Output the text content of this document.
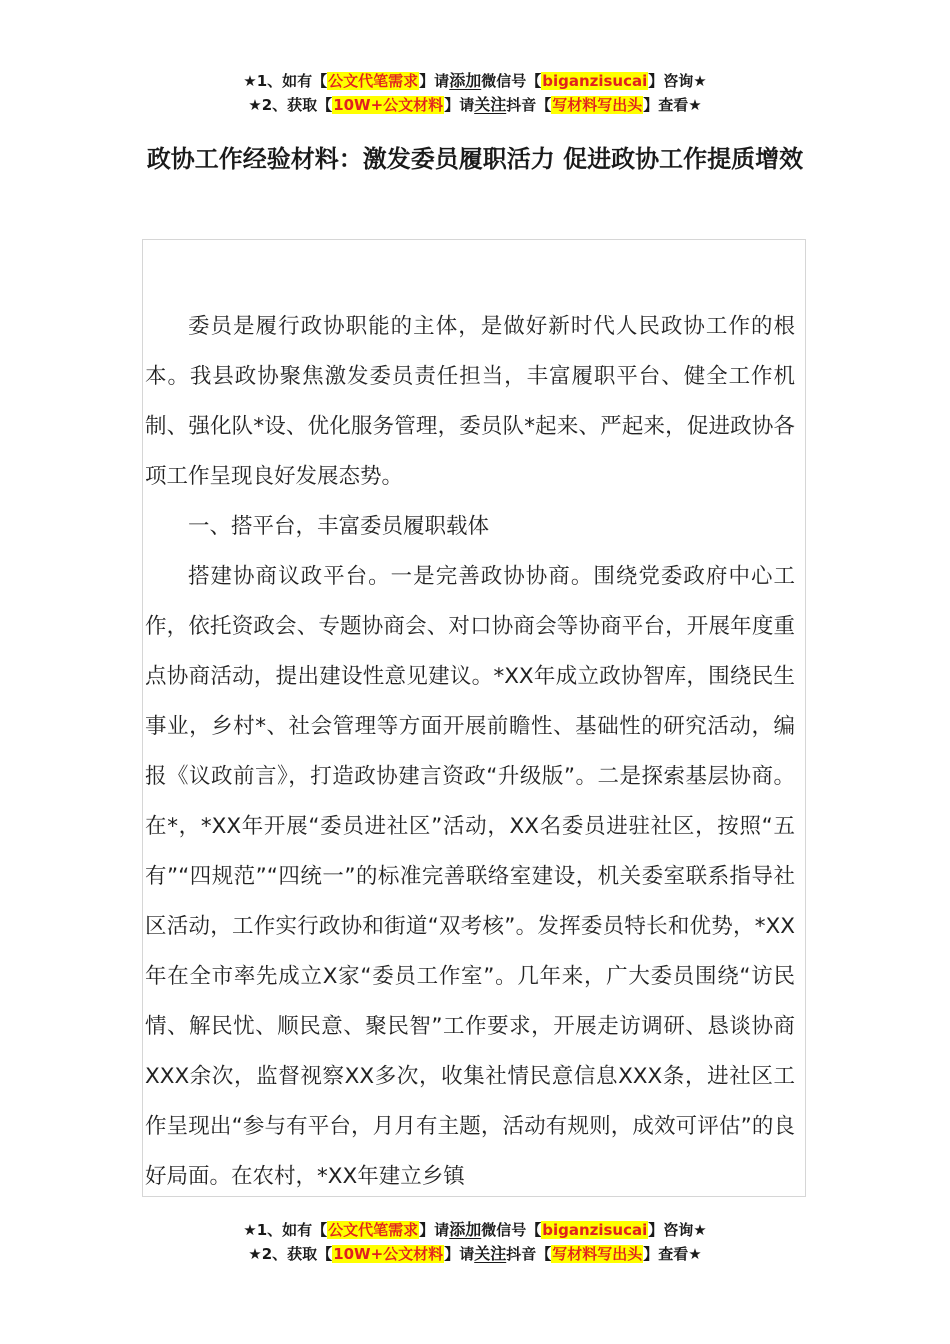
★1、如有【公文代笔需求】请添加微信号【biganzisucai】咨询★
★2、获取【10W+公文材料】请关注抖音【写材料写出头】查看★
政协工作经验材料：激发委员履职活力 促进政协工作提质增效

委员是履行政协职能的主体，是做好新时代人民政协工作的根本。我县政协聚焦激发委员责任担当，丰富履职平台、健全工作机制、强化队*设、优化服务管理，委员队*起来、严起来，促进政协各项工作呈现良好发展态势。

一、搭平台，丰富委员履职载体

搭建协商议政平台。一是完善政协协商。围绕党委政府中心工作，依托资政会、专题协商会、对口协商会等协商平台，开展年度重点协商活动，提出建设性意见建议。*XX年成立政协智库，围绕民生事业，乡村*、社会管理等方面开展前瞻性、基础性的研究活动，编报《议政前言》，打造政协建言资政“升级版”。二是探索基层协商。在*，*XX年开展“委员进社区”活动，XX名委员进驻社区，按照“五有”“四规范”“四统一”的标准完善联络室建设，机关委室联系指导社区活动，工作实行政协和街道“双考核”。发挥委员特长和优势，*XX年在全市率先成立X家“委员工作室”。几年来，广大委员围绕“访民情、解民忧、顺民意、聚民智”工作要求，开展走访调研、恳谈协商XXX余次，监督视察XX多次，收集社情民意信息XXX条，进社区工作呈现出“参与有平台，月月有主题，活动有规则，成效可评估”的良好局面。在农村，*XX年建立乡镇

★1、如有【公文代笔需求】请添加微信号【biganzisucai】咨询★
★2、获取【10W+公文材料】请关注抖音【写材料写出头】查看★
